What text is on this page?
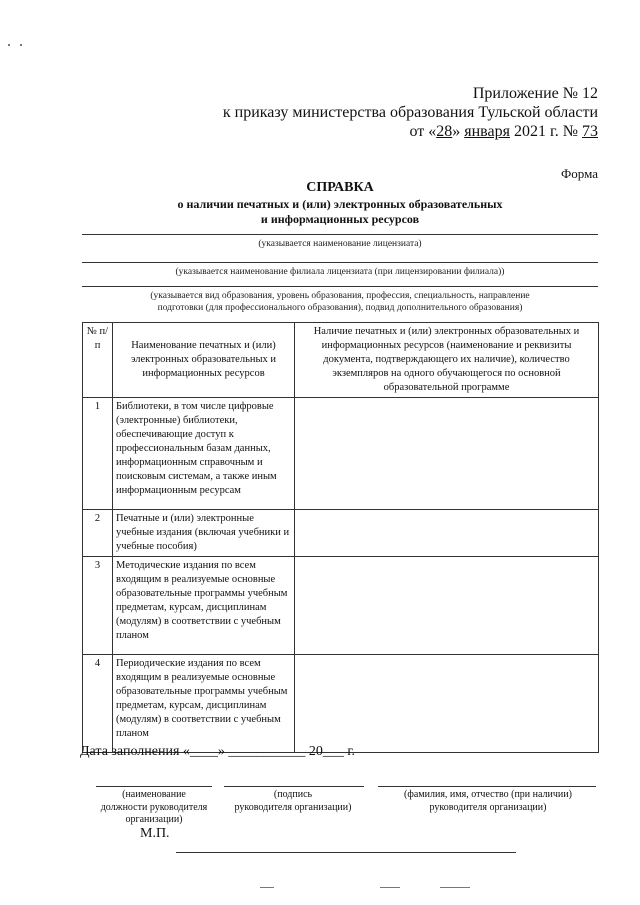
Приложение № 12
к приказу министерства образования Тульской области
от «28» января 2021 г. № 73
Форма
СПРАВКА
о наличии печатных и (или) электронных образовательных
и информационных ресурсов
(указывается наименование лицензиата)
(указывается наименование филиала лицензиата (при лицензировании филиала))
(указывается вид образования, уровень образования, профессия, специальность, направление
подготовки (для профессионального образования), подвид дополнительного образования)
№ п/п	Наименование печатных и (или) электронных образовательных и информационных ресурсов	Наличие печатных и (или) электронных образовательных и информационных ресурсов (наименование и реквизиты документа, подтверждающего их наличие), количество экземпляров на одного обучающегося по основной образовательной программе
1	Библиотеки, в том числе цифровые (электронные) библиотеки, обеспечивающие доступ к профессиональным базам данных, информационным справочным и поисковым системам, а также иным информационным ресурсам	
2	Печатные и (или) электронные учебные издания (включая учебники и учебные пособия)	
3	Методические издания по всем входящим в реализуемые основные образовательные программы учебным предметам, курсам, дисциплинам (модулям) в соответствии с учебным планом	
4	Периодические издания по всем входящим в реализуемые основные образовательные программы учебным предметам, курсам, дисциплинам (модулям) в соответствии с учебным планом	
Дата заполнения «____» ___________ 20___ г.
(наименование
должности руководителя
организации)
(подпись
руководителя организации)
(фамилия, имя, отчество (при наличии)
руководителя организации)
М.П.
